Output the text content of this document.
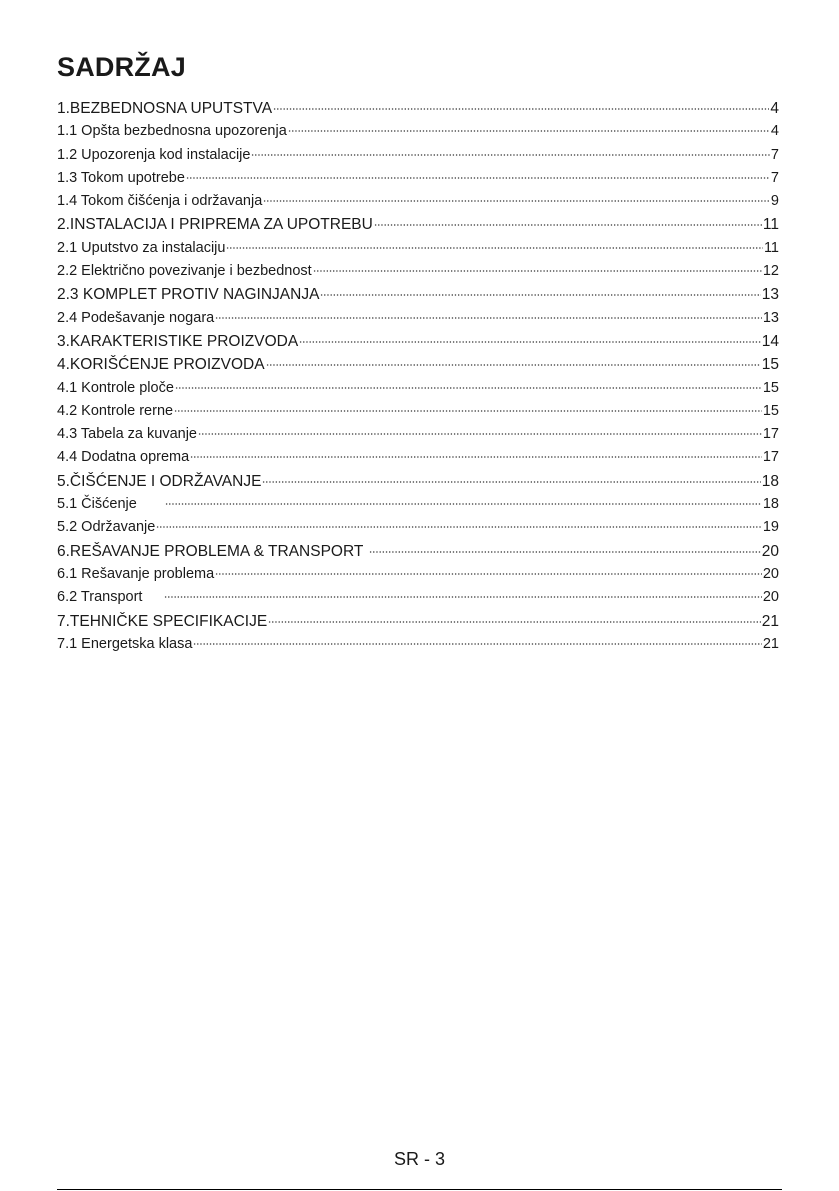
SADRŽAJ
1.BEZBEDNOSNA UPUTSTVA	4
1.1 Opšta bezbednosna upozorenja	4
1.2 Upozorenja kod instalacije	7
1.3 Tokom upotrebe	7
1.4 Tokom čišćenja i održavanja	9
2.INSTALACIJA I PRIPREMA ZA UPOTREBU	11
2.1 Uputstvo za instalaciju	11
2.2 Električno povezivanje i bezbednost	12
2.3 KOMPLET PROTIV NAGINJANJA	13
2.4 Podešavanje nogara	13
3.KARAKTERISTIKE PROIZVODA	14
4.KORIŠĆENJE PROIZVODA	15
4.1 Kontrole ploče	15
4.2 Kontrole rerne	15
4.3 Tabela za kuvanje	17
4.4 Dodatna oprema	17
5.ČIŠĆENJE I ODRŽAVANJE	18
5.1 Čišćenje	18
5.2 Održavanje	19
6.REŠAVANJE PROBLEMA & TRANSPORT	20
6.1 Rešavanje problema	20
6.2 Transport	20
7.TEHNIČKE SPECIFIKACIJE	21
7.1 Energetska klasa	21
SR - 3
